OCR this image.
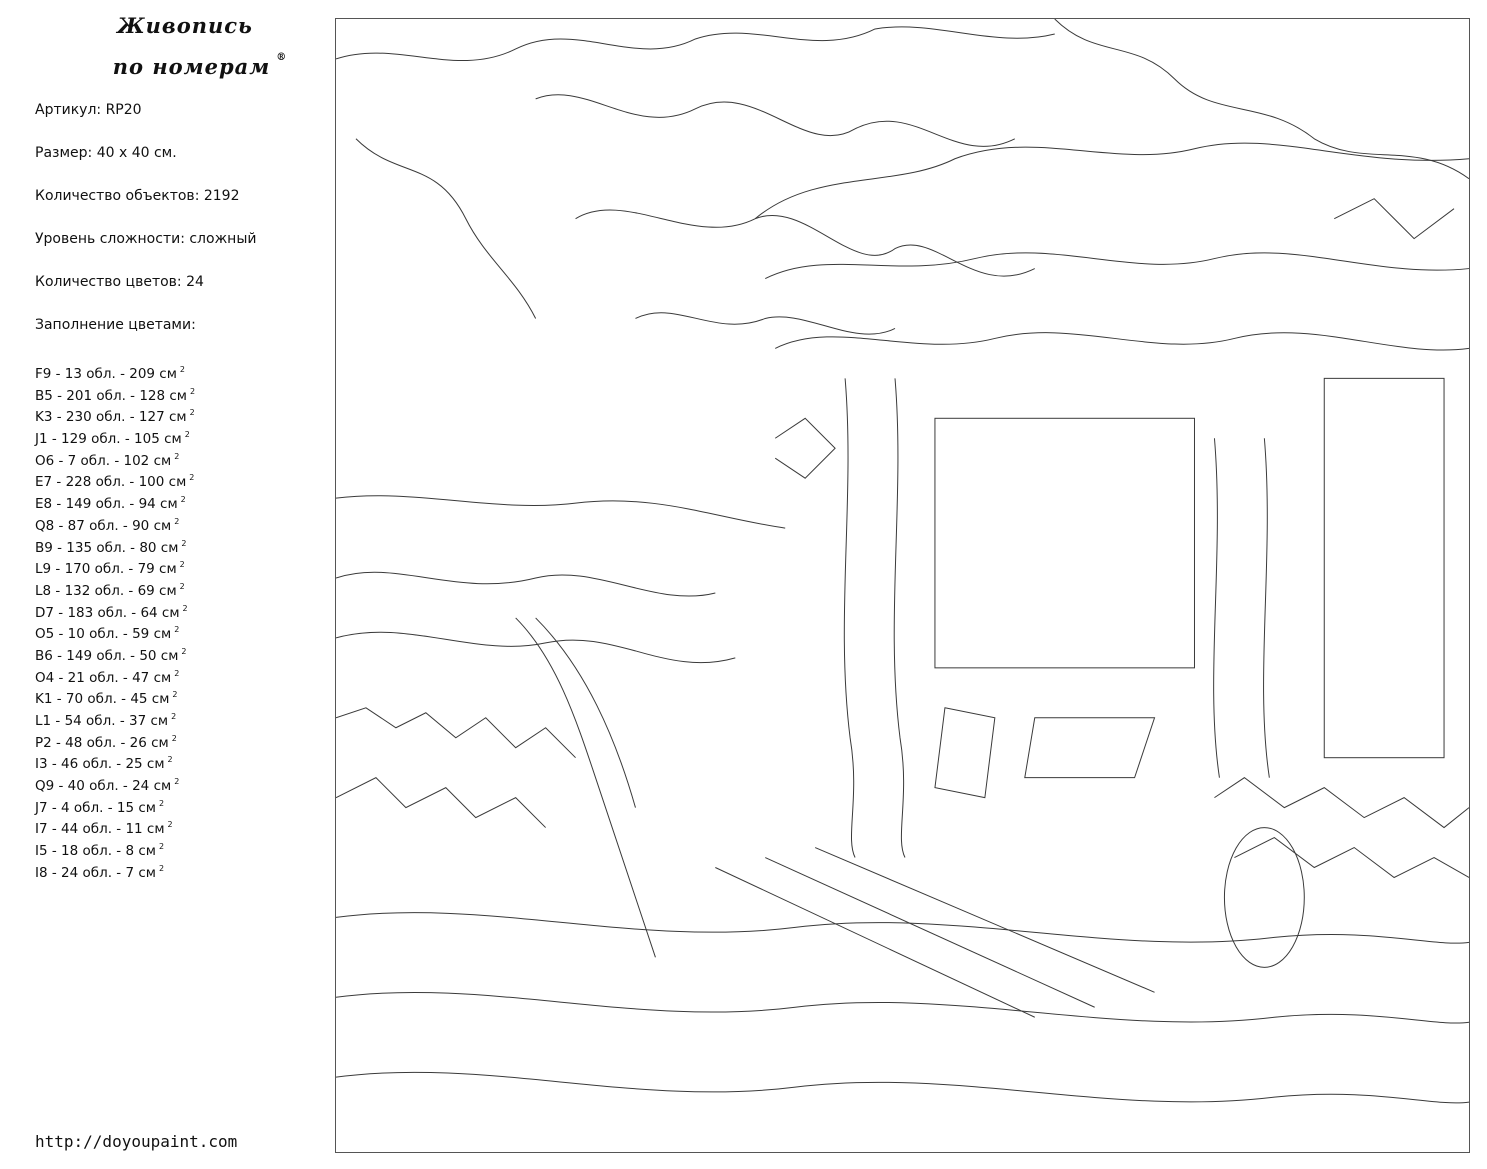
Живопись
по номерам ®
Артикул: RP20
Размер: 40 х 40 см.
Количество объектов: 2192
Уровень сложности: сложный
Количество цветов: 24
Заполнение цветами:
F9 - 13 обл. - 209 см $^2$
B5 - 201 обл. - 128 см $^2$
K3 - 230 обл. - 127 см $^2$
J1 - 129 обл. - 105 см $^2$
O6 - 7 обл. - 102 см $^2$
E7 - 228 обл. - 100 см $^2$
E8 - 149 обл. - 94 см $^2$
Q8 - 87 обл. - 90 см $^2$
B9 - 135 обл. - 80 см $^2$
L9 - 170 обл. - 79 см $^2$
L8 - 132 обл. - 69 см $^2$
D7 - 183 обл. - 64 см $^2$
O5 - 10 обл. - 59 см $^2$
B6 - 149 обл. - 50 см $^2$
O4 - 21 обл. - 47 см $^2$
K1 - 70 обл. - 45 см $^2$
L1 - 54 обл. - 37 см $^2$
P2 - 48 обл. - 26 см $^2$
I3 - 46 обл. - 25 см $^2$
Q9 - 40 обл. - 24 см $^2$
J7 - 4 обл. - 15 см $^2$
I7 - 44 обл. - 11 см $^2$
I5 - 18 обл. - 8 см $^2$
I8 - 24 обл. - 7 см $^2$
http://doyoupaint.com
